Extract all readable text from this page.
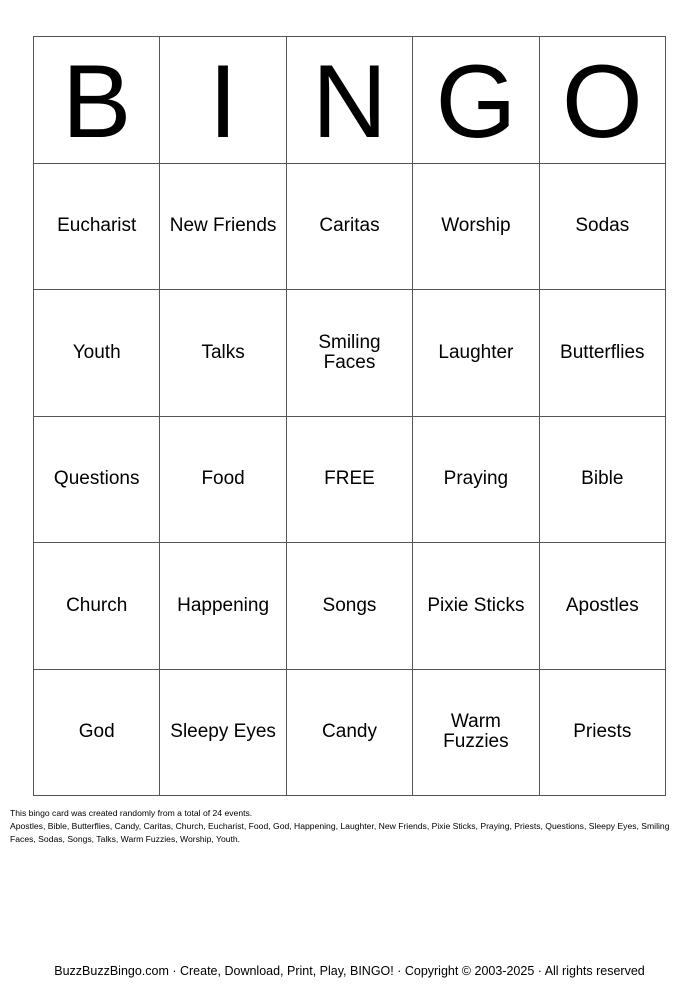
B I N G O
Eucharist	New Friends	Caritas	Worship	Sodas
Youth	Talks	Smiling Faces	Laughter	Butterflies
Questions	Food	FREE	Praying	Bible
Church	Happening	Songs	Pixie Sticks	Apostles
God	Sleepy Eyes	Candy	Warm Fuzzies	Priests

This bingo card was created randomly from a total of 24 events.

Apostles, Bible, Butterflies, Candy, Caritas, Church, Eucharist, Food, God, Happening, Laughter, New Friends, Pixie Sticks, Praying, Priests, Questions, Sleepy Eyes, Smiling Faces, Sodas, Songs, Talks, Warm Fuzzies, Worship, Youth.

BuzzBuzzBingo.com · Create, Download, Print, Play, BINGO! · Copyright © 2003-2025 · All rights reserved
